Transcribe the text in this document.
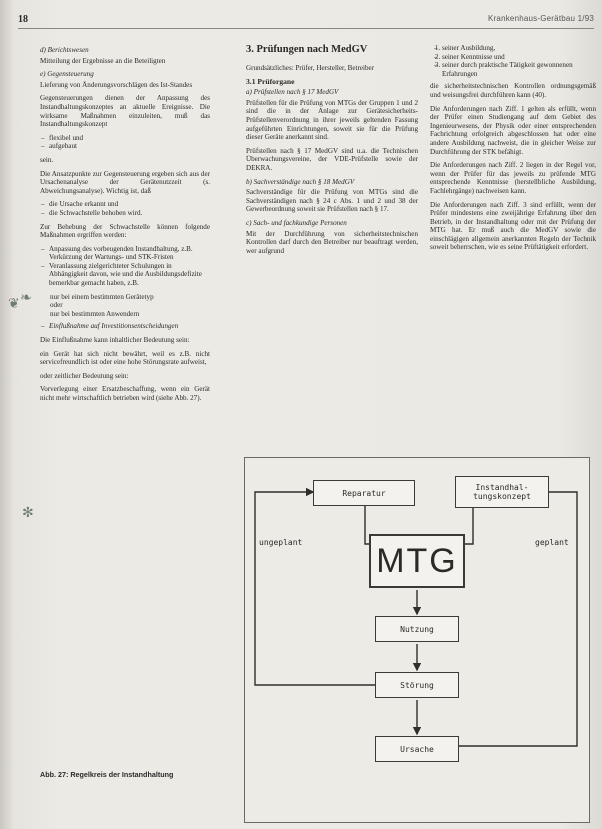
18	Krankenhaus-Gerätbau 1/93
❦ ❧
✻
d) Berichtswesen

Mitteilung der Ergebnisse an die Beteiligten

e) Gegensteuerung

Lieferung von Änderungsvorschlägen des Ist-Standes

Gegensteuerungen dienen der Anpassung des Instandhaltungskonzeptes an aktuelle Ereignisse. Die wirksame Maßnahmen einzuleiten, muß das Instandhaltungskonzept

– flexibel und
– aufgebaut

sein.

Die Ansatzpunkte zur Gegensteuerung ergeben sich aus der Ursachenanalyse der Gerätenutzzeit (s. Abweichungsanalyse). Wichtig ist, daß

– die Ursache erkannt und
– die Schwachstelle behoben wird.

Zur Behebung der Schwachstelle können folgende Maßnahmen ergriffen werden:

– Anpassung des vorbeugenden Instandhaltung, z.B. Verkürzung der Wartungs- und STK-Fristen
– Veranlassung zielgerichteter Schulungen in Abhängigkeit davon, wie und die Ausbildungsdefizite bemerkbar gemacht haben, z.B.
nur bei einem bestimmten Gerätetyp
oder
nur bei bestimmten Anwendern
– Einflußnahme auf Investitionsentscheidungen

Die Einflußnahme kann inhaltlicher Bedeutung sein:

ein Gerät hat sich nicht bewährt, weil es z.B. nicht servicefreundlich ist oder eine hohe Störungsrate aufweist,

oder zeitlicher Bedeutung sein:

Vorverlegung einer Ersatzbeschaffung, wenn ein Gerät nicht mehr wirtschaftlich betrieben wird (siehe Abb. 27).

3. Prüfungen nach MedGV

Grundsätzliches: Prüfer, Hersteller, Betreiber

3.1 Prüforgane
a) Prüfstellen nach § 17 MedGV

Prüfstellen für die Prüfung von MTGs der Gruppen 1 und 2 sind die in der Anlage zur Gerätesicherheits-Prüfstellenverordnung in ihrer jeweils geltenden Fassung aufgeführten Einrichtungen, soweit sie für die Prüfung dieser Geräte anerkannt sind.

Prüfstellen nach § 17 MedGV sind u.a. die Technischen Überwachungsvereine, der VDE-Prüfstelle sowie der DEKRA.

b) Sachverständige nach § 18 MedGV

Sachverständige für die Prüfung von MTGs sind die Sachverständigen nach § 24 c Abs. 1 und 2 und 38 der Gewerbeordnung soweit sie Prüfstellen nach § 17.

c) Sach- und fachkundige Personen

Mit der Durchführung von sicherheitstechnischen Kontrollen darf durch den Betreiber nur beauftragt werden, wer aufgrund

– 1. seiner Ausbildung,
– 2. seiner Kenntnisse und
– 3. seiner durch praktische Tätigkeit gewonnenen Erfahrungen

die sicherheitstechnischen Kontrollen ordnungsgemäß und weisungsfrei durchführen kann (40).

Die Anforderungen nach Ziff. 1 gelten als erfüllt, wenn der Prüfer einen Studiengang auf dem Gebiet des Ingenieurwesens, der Physik oder einer entsprechenden Fachrichtung erfolgreich abgeschlossen hat oder eine andere Ausbildung nachweist, die in gleicher Weise zur Durchführung der STK befähigt.

Die Anforderungen nach Ziff. 2 liegen in der Regel vor, wenn der Prüfer für das jeweils zu prüfende MTG entsprechende Kenntnisse (herstellbliche Ausbildung, Fachlehrgänge) nachweisen kann.

Die Anforderungen nach Ziff. 3 sind erfüllt, wenn der Prüfer mindestens eine zweijährige Erfahrung über den Betrieb, in der Instandhaltung oder mit der Prüfung der MTG hat. Er muß auch die MedGV sowie die einschlägigen allgemein anerkannten Regeln der Technik soweit beherrschen, wie es seine Prüftätigkeit erfordert.

Reparatur
Instandhal-
tungskonzept
MTG
Nutzung
Störung
Ursache
ungeplant	geplant
Abb. 27: Regelkreis der Instandhaltung
